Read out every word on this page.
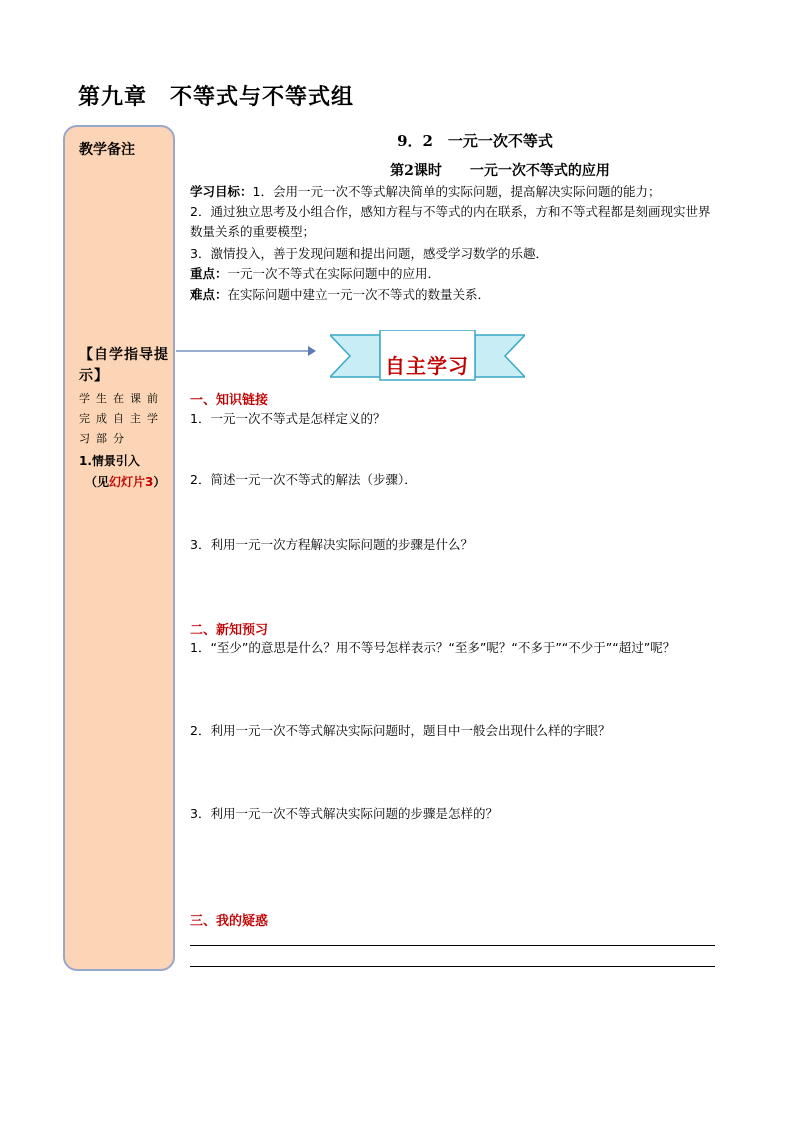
第九章　不等式与不等式组
教学备注
【自学指导提示】
学生在课前完成自主学习部分
1.情景引入
（见幻灯片3）
9．2　一元一次不等式
第2课时　　一元一次不等式的应用
学习目标：1．会用一元一次不等式解决简单的实际问题，提高解决实际问题的能力；
2．通过独立思考及小组合作，感知方程与不等式的内在联系，方和不等式程都是刻画现实世界数量关系的重要模型；
3．激情投入，善于发现问题和提出问题，感受学习数学的乐趣．
重点：一元一次不等式在实际问题中的应用．
难点：在实际问题中建立一元一次不等式的数量关系．
自主学习
一、知识链接
1．一元一次不等式是怎样定义的？
2．简述一元一次不等式的解法（步骤）．
3．利用一元一次方程解决实际问题的步骤是什么？
二、新知预习
1．“至少”的意思是什么？用不等号怎样表示？“至多”呢？“不多于”“不少于”“超过”呢？
2．利用一元一次不等式解决实际问题时，题目中一般会出现什么样的字眼？
3．利用一元一次不等式解决实际问题的步骤是怎样的？
三、我的疑惑
